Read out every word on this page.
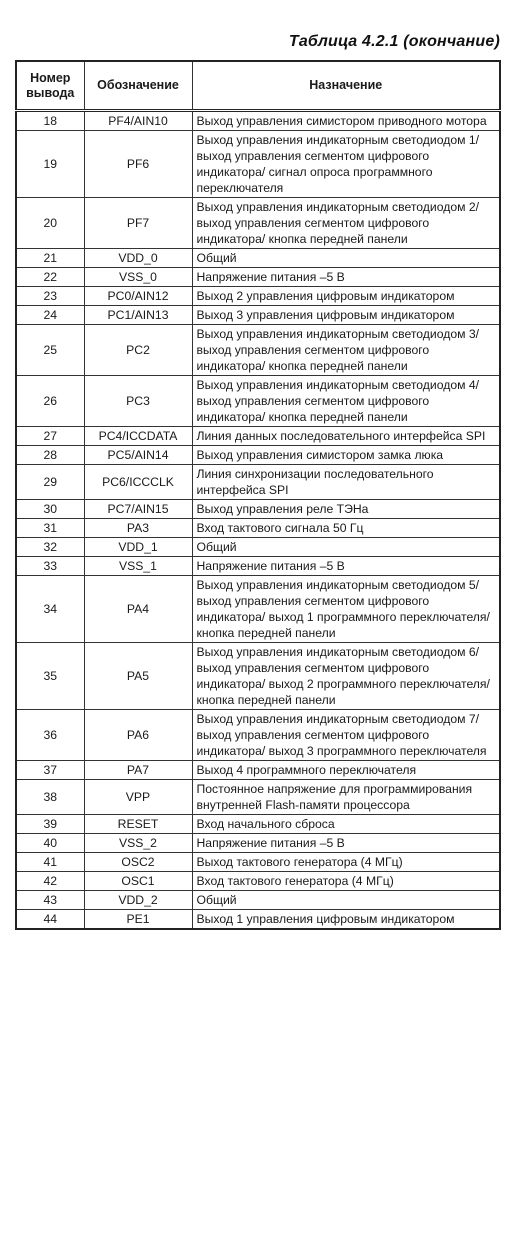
Таблица 4.2.1 (окончание)
Номер вывода	Обозначение	Назначение
18	PF4/AIN10	Выход управления симистором приводного мотора
19	PF6	Выход управления индикаторным светодиодом 1/ выход управления сегментом цифрового индикатора/ сигнал опроса программного переключателя
20	PF7	Выход управления индикаторным светодиодом 2/ выход управления сегментом цифрового индикатора/ кнопка передней панели
21	VDD_0	Общий
22	VSS_0	Напряжение питания –5 В
23	PC0/AIN12	Выход 2 управления цифровым индикатором
24	PC1/AIN13	Выход 3 управления цифровым индикатором
25	PC2	Выход управления индикаторным светодиодом 3/ выход управления сегментом цифрового индикатора/ кнопка передней панели
26	PC3	Выход управления индикаторным светодиодом 4/ выход управления сегментом цифрового индикатора/ кнопка передней панели
27	PC4/ICCDATA	Линия данных последовательного интерфейса SPI
28	PC5/AIN14	Выход управления симистором замка люка
29	PC6/ICCCLK	Линия синхронизации последовательного интерфейса SPI
30	PC7/AIN15	Выход управления реле ТЭНа
31	PA3	Вход тактового сигнала 50 Гц
32	VDD_1	Общий
33	VSS_1	Напряжение питания –5 В
34	PA4	Выход управления индикаторным светодиодом 5/ выход управления сегментом цифрового индикатора/ выход 1 программного переключателя/ кнопка передней панели
35	PA5	Выход управления индикаторным светодиодом 6/ выход управления сегментом цифрового индикатора/ выход 2 программного переключателя/ кнопка передней панели
36	PA6	Выход управления индикаторным светодиодом 7/ выход управления сегментом цифрового индикатора/ выход 3 программного переключателя
37	PA7	Выход 4 программного переключателя
38	VPP	Постоянное напряжение для программирования внутренней Flash-памяти процессора
39	RESET	Вход начального сброса
40	VSS_2	Напряжение питания –5 В
41	OSC2	Выход тактового генератора (4 МГц)
42	OSC1	Вход тактового генератора (4 МГц)
43	VDD_2	Общий
44	PE1	Выход 1 управления цифровым индикатором
